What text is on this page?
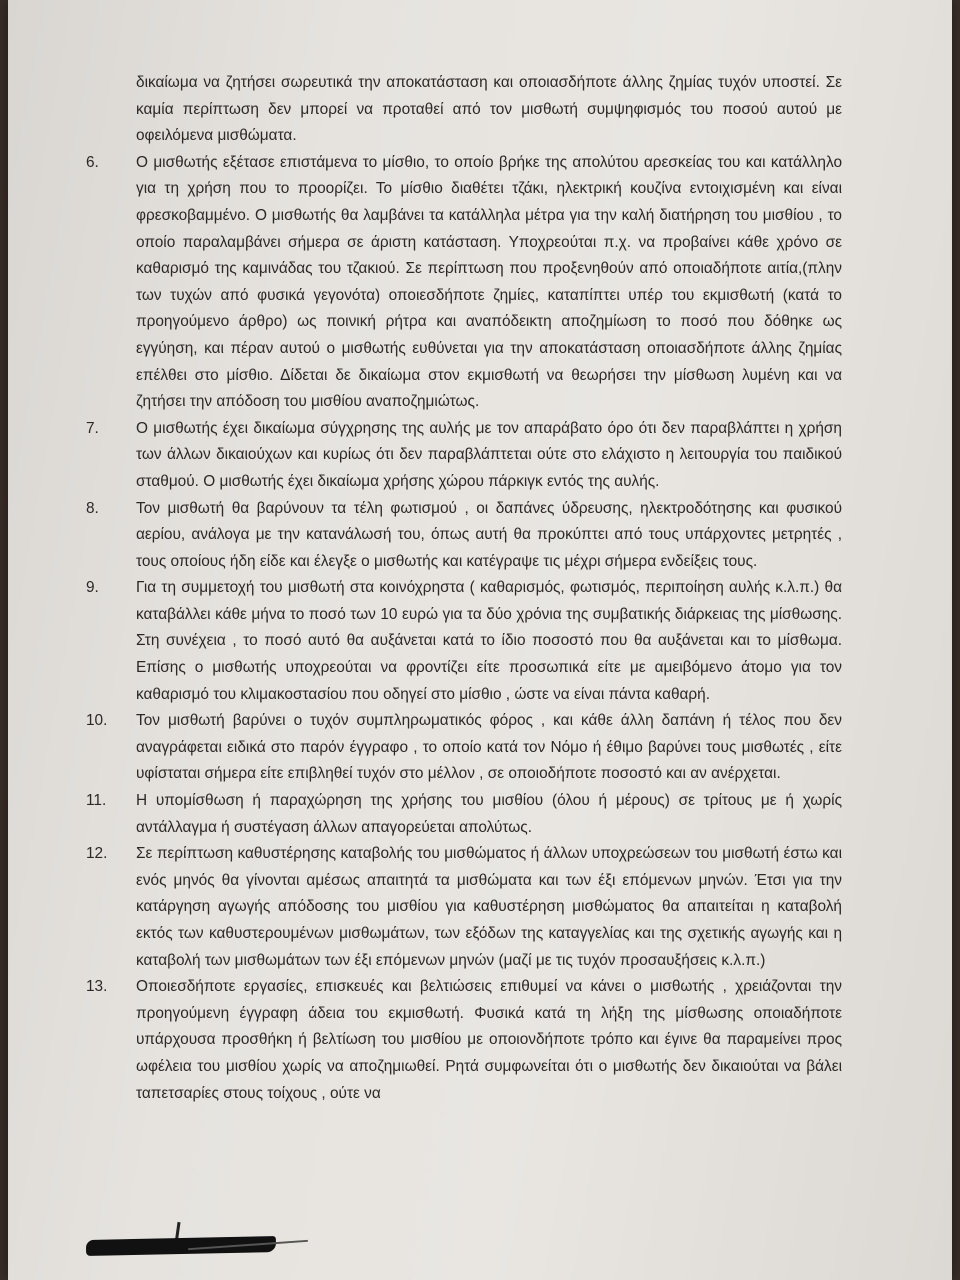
δικαίωμα να ζητήσει σωρευτικά την αποκατάσταση και οποιασδήποτε άλλης ζημίας τυχόν υποστεί. Σε καμία περίπτωση δεν μπορεί να προταθεί από τον μισθωτή συμψηφισμός του ποσού αυτού με οφειλόμενα μισθώματα.
6.	Ο μισθωτής εξέτασε επιστάμενα το μίσθιο, το οποίο βρήκε της απολύτου αρεσκείας του και κατάλληλο για τη χρήση που το προορίζει. Το μίσθιο διαθέτει τζάκι, ηλεκτρική κουζίνα εντοιχισμένη και είναι φρεσκοβαμμένο. Ο μισθωτής θα λαμβάνει τα κατάλληλα μέτρα για την καλή διατήρηση του μισθίου , το οποίο παραλαμβάνει σήμερα σε άριστη κατάσταση. Υποχρεούται π.χ. να προβαίνει κάθε χρόνο σε καθαρισμό της καμινάδας του τζακιού. Σε περίπτωση που προξενηθούν από οποιαδήποτε αιτία,(πλην των τυχών από φυσικά γεγονότα) οποιεσδήποτε ζημίες, καταπίπτει υπέρ του εκμισθωτή (κατά το προηγούμενο άρθρο) ως ποινική ρήτρα και αναπόδεικτη αποζημίωση το ποσό που δόθηκε ως εγγύηση, και πέραν αυτού ο μισθωτής ευθύνεται για την αποκατάσταση οποιασδήποτε άλλης ζημίας επέλθει στο μίσθιο. Δίδεται δε δικαίωμα στον εκμισθωτή να θεωρήσει την μίσθωση λυμένη και να ζητήσει την απόδοση του μισθίου αναποζημιώτως.
7.	Ο μισθωτής έχει δικαίωμα σύγχρησης της αυλής με τον απαράβατο όρο ότι δεν παραβλάπτει η χρήση των άλλων δικαιούχων και κυρίως ότι δεν παραβλάπτεται ούτε στο ελάχιστο η λειτουργία του παιδικού σταθμού. Ο μισθωτής έχει δικαίωμα χρήσης χώρου πάρκιγκ εντός της αυλής.
8.	Τον μισθωτή θα βαρύνουν τα τέλη φωτισμού , οι δαπάνες ύδρευσης, ηλεκτροδότησης και φυσικού αερίου, ανάλογα με την κατανάλωσή του, όπως αυτή θα προκύπτει από τους υπάρχοντες μετρητές , τους οποίους ήδη είδε και έλεγξε ο μισθωτής και κατέγραψε τις μέχρι σήμερα ενδείξεις τους.
9.	Για τη συμμετοχή του μισθωτή στα κοινόχρηστα ( καθαρισμός, φωτισμός, περιποίηση αυλής κ.λ.π.) θα καταβάλλει κάθε μήνα το ποσό των 10 ευρώ για τα δύο χρόνια της συμβατικής διάρκειας της μίσθωσης. Στη συνέχεια , το ποσό αυτό θα αυξάνεται κατά το ίδιο ποσοστό που θα αυξάνεται και το μίσθωμα. Επίσης ο μισθωτής υποχρεούται να φροντίζει είτε προσωπικά είτε με αμειβόμενο άτομο για τον καθαρισμό του κλιμακοστασίου που οδηγεί στο μίσθιο , ώστε να είναι πάντα καθαρή.
10.	Τον μισθωτή βαρύνει ο τυχόν συμπληρωματικός φόρος , και κάθε άλλη δαπάνη ή τέλος που δεν αναγράφεται ειδικά στο παρόν έγγραφο , το οποίο κατά τον Νόμο ή έθιμο βαρύνει τους μισθωτές , είτε υφίσταται σήμερα είτε επιβληθεί τυχόν στο μέλλον , σε οποιοδήποτε ποσοστό και αν ανέρχεται.
11.	Η υπομίσθωση ή παραχώρηση της χρήσης του μισθίου (όλου ή μέρους) σε τρίτους με ή χωρίς αντάλλαγμα ή συστέγαση άλλων απαγορεύεται απολύτως.
12.	Σε περίπτωση καθυστέρησης καταβολής του μισθώματος ή άλλων υποχρεώσεων του μισθωτή έστω και ενός μηνός θα γίνονται αμέσως απαιτητά τα μισθώματα και των έξι επόμενων μηνών. Έτσι για την κατάργηση αγωγής απόδοσης του μισθίου για καθυστέρηση μισθώματος θα απαιτείται η καταβολή εκτός των καθυστερουμένων μισθωμάτων, των εξόδων της καταγγελίας και της σχετικής αγωγής και η καταβολή των μισθωμάτων των έξι επόμενων μηνών (μαζί με τις τυχόν προσαυξήσεις κ.λ.π.)
13.	Οποιεσδήποτε εργασίες, επισκευές και βελτιώσεις επιθυμεί να κάνει ο μισθωτής , χρειάζονται την προηγούμενη έγγραφη άδεια του εκμισθωτή. Φυσικά κατά τη λήξη της μίσθωσης οποιαδήποτε υπάρχουσα προσθήκη ή βελτίωση του μισθίου με οποιονδήποτε τρόπο και έγινε θα παραμείνει προς ωφέλεια του μισθίου χωρίς να αποζημιωθεί. Ρητά συμφωνείται ότι ο μισθωτής δεν δικαιούται να βάλει ταπετσαρίες στους τοίχους , ούτε να
